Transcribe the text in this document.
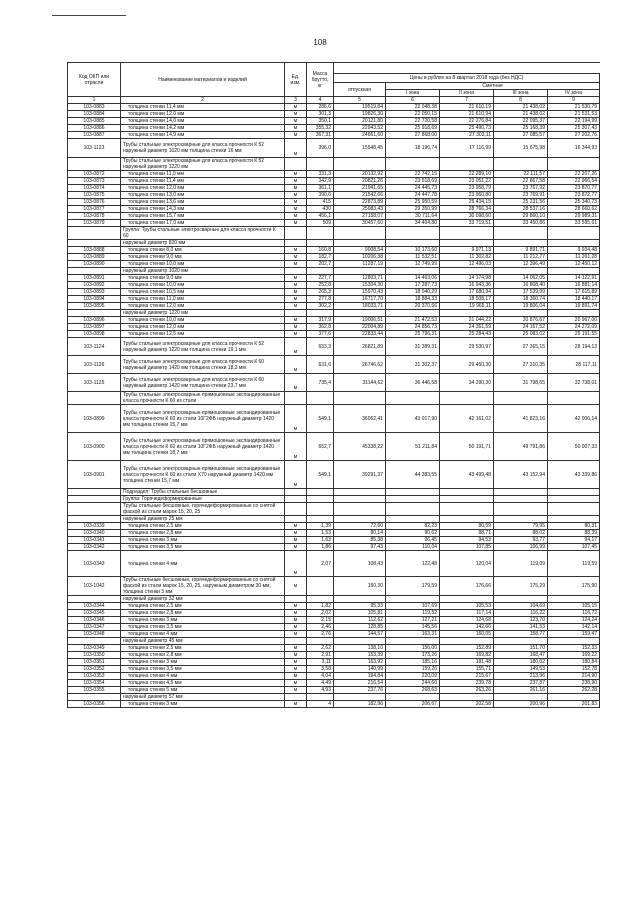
108
Код ОКП или отрасли	Наименование материалов и изделий	Ед. изм.	Масса брутто, кг					
				Цены в рублях на 8 квартал 2018 года (без НДС)				
				отпускная	Сметная			
					I зона	II зона	III зона	IV зона
1	2	3	4	5	6	7	8	9
103-0883	толщина стенки 11,4 мм	м	286,6	19519,84	22 048,38	21 610,19	21 438,02	21 530,79
103-0884	толщина стенки 12,0 мм	м	301,3	19826,30	22 050,15	21 610,94	21 438,02	21 531,53
103-0885	толщина стенки 14,0 мм	м	350,1	20121,80	22 720,58	22 276,84	22 095,37	22 194,99
103-0886	толщина стенки 14,2 мм	м	355,32	22943,52	25 918,69	25 490,73	25 168,39	25 307,43
103-0887	толщина стенки 14,9 мм	м	367,31	24661,60	27 868,00	27 303,11	27 085,57	27 202,76
103-1123	Трубы стальные электросварные для класса прочности К 52 наружный диаметр 1020 мм толщина стенки 16 мм	м	396,0	15548,45	18 196,74	17 116,99	15 675,98	16 344,93
	Трубы стальные электросварные для класса прочности К 52 наружный диаметр 1220 мм							
103-0872	толщина стенки 11,0 мм	м	331,3	20132,92	22 742,15	22 289,10	22 111,57	22 207,26
103-0873	толщина стенки 11,4 мм	м	342,9	20821,26	23 518,69	23 051,22	22 867,58	22 966,54
103-0874	толщина стенки 12,0 мм	м	361,1	21941,65	24 445,73	23 958,79	23 767,92	23 870,77
103-0875	толщина стенки 13,0 мм	м	390,6	21542,66	24 447,78	23 960,80	23 769,91	23 872,77
103-0876	толщина стенки 13,6 мм	м	415	22873,89	25 950,59	25 434,15	25 231,56	25 340,73
103-0877	толщина стенки 14,3 мм	м	430	25983,43	29 350,99	28 766,34	28 537,16	28 660,62
103-0878	толщина стенки 15,7 мм	м	456,1	27158,07	30 711,64	30 098,60	29 860,10	29 989,31
103-0879	толщина стенки 17,0 мм	м	509	30457,60	34 404,80	33 719,51	33 450,86	33 595,61
	Группа: Трубы стальные электросварные для класса прочности К 60							
	наружный диаметр 820 мм							
103-0888	толщина стенки 8,0 мм	м	160,8	9008,54	10 173,60	9 971,13	9 891,71	9 934,48
103-0889	толщина стенки 9,0 мм	м	182,7	10206,38	11 532,51	11 302,82	11 212,77	11 261,28
103-0890	толщина стенки 10,0 мм	м	202,7	11287,19	12 749,99	12 496,03	12 396,49	12 450,12
	наружный диаметр 1020 мм							
103-0891	толщина стенки 9,0 мм	м	227,7	12803,71	14 463,06	14 174,98	14 062,05	14 122,91
103-0892	толщина стенки 10,0 мм	м	252,8	15304,30	17 287,73	16 943,36	16 808,40	16 881,14
103-0893	толщина стенки 10,5 мм	м	265,3	15970,43	18 040,29	17 680,94	17 539,99	17 615,89
103-0894	толщина стенки 11,0 мм	м	277,8	16717,70	18 884,33	18 508,17	18 360,74	18 440,17
103-0895	толщина стенки 12,0 мм	м	302,2	18033,71	20 370,66	19 965,11	19 806,04	19 891,74
	наружный диаметр 1220 мм							
103-0896	толщина стенки 10,0 мм	м	317,9	19006,51	21 472,53	21 044,22	20 876,67	20 967,00
103-0897	толщина стенки 12,0 мм	м	362,8	22004,89	24 856,73	24 361,59	24 167,52	24 272,09
103-0898	толщина стенки 12,5 мм	м	377,6	22833,44	25 796,31	25 284,43	25 083,02	25 191,55
103-1124	Трубы стальные электросварные для класса прочности К 52 наружный диаметр 1220 мм толщина стенки 19,1 мм	м	633,3	26821,89	31 389,31	29 530,97	27 365,15	28 194,13
103-1126	Трубы стальные электросварные для класса прочности К 60 наружный диаметр 1420 мм толщина стенки 18,3 мм	м	631,6	26746,62	31 302,37	29 450,30	27 310,35	28 117,11
103-1125	Трубы стальные электросварные для класса прочности К 60 наружный диаметр 1420 мм толщина стенки 23,7 мм	м	735,4	31144,62	36 446,58	34 290,30	31 798,65	32 738,01
	Трубы стальные электросварные прямошовные экспандированные класса прочности К 60 из стали							
103-0899	Трубы стальные электросварные прямошовные экспандированные класса прочности К 60 из стали 10Г2ФБ наружный диаметр 1420 мм толщина стенки 15,7 мм	м	549,1	36062,41	43 017,90	42 161,02	41 823,16	42 006,14
103-0900	Трубы стальные электросварные прямошовные экспандированные класса прочности К 60 из стали 10Г2ФБ наружный диаметр 1420 мм толщина стенки 18,7 мм	м	652,7	45338,22	51 211,84	50 191,71	49 791,86	50 007,33
103-0901	Трубы стальные электросварные прямошовные экспандированные класса прочности К 60 из стали Х70 наружный диаметр 1420 мм толщина стенки 15,7 мм	м	549,1	39291,37	44 383,55	43 499,48	43 152,94	43 339,86
	Подраздел: Трубы стальные бесшовные							
	Группа: Горячедеформированные							
	Трубы стальные бесшовные, горячедеформированные со снятой фаской из стали марок 15, 20, 25							
	наружный диаметр 25 мм							
103-0339	толщина стенки 2,5 мм	м	1,39	72,60	82,23	80,59	79,95	80,31
103-0340	толщина стенки 2,8 мм	м	1,53	80,14	90,62	88,71	88,02	88,39
103-0341	толщина стенки 3 мм	м	1,63	85,38	96,45	94,53	93,77	94,17
103-0342	толщина стенки 3,5 мм	м	1,86	97,43	110,04	107,85	106,99	107,45
103-0343	толщина стенки 4 мм	м	2,07	108,43	122,48	120,04	119,09	119,59
103-1042	Трубы стальные бесшовные, горячедеформированные со снятой фаской из стали марок 15, 20, 25, наружным диаметром 30 мм, толщина стенки 3 мм	м		150,30	179,59	176,66	175,29	175,90
	наружный диаметр 32 мм							
103-0344	толщина стенки 2,5 мм	м	1,82	95,33	107,69	105,53	104,69	105,15
103-0345	толщина стенки 2,8 мм	м	2,02	105,81	119,52	117,14	116,22	116,72
103-0346	толщина стенки 3 мм	м	2,15	112,62	127,21	124,68	123,70	124,24
103-0347	толщина стенки 3,5 мм	м	2,46	128,85	145,56	142,66	141,53	142,14
103-0348	толщина стенки 4 мм	м	2,76	144,57	163,31	160,05	158,77	159,47
	наружный диаметр 45 мм							
103-0349	толщина стенки 2,5 мм	м	2,62	138,10	156,00	152,89	151,70	152,33
103-0350	толщина стенки 2,8 мм	м	2,91	153,39	173,26	169,82	168,47	169,22
103-0351	толщина стенки 3 мм	м	3,11	163,92	185,16	181,48	180,02	180,84
103-0352	толщина стенки 3,5 мм	м	3,58	140,99	159,26	155,71	149,53	152,78
103-0353	толщина стенки 4 мм	м	4,04	194,84	220,09	215,67	213,96	214,90
103-0354	толщина стенки 4,5 мм	м	4,49	216,54	244,60	239,78	237,87	238,90
103-0355	толщина стенки 5 мм	м	4,93	237,76	268,63	263,26	261,16	262,28
	наружный диаметр 57 мм							
103-0356	толщина стенки 3 мм	м	4	182,96	206,67	202,58	200,96	201,83
